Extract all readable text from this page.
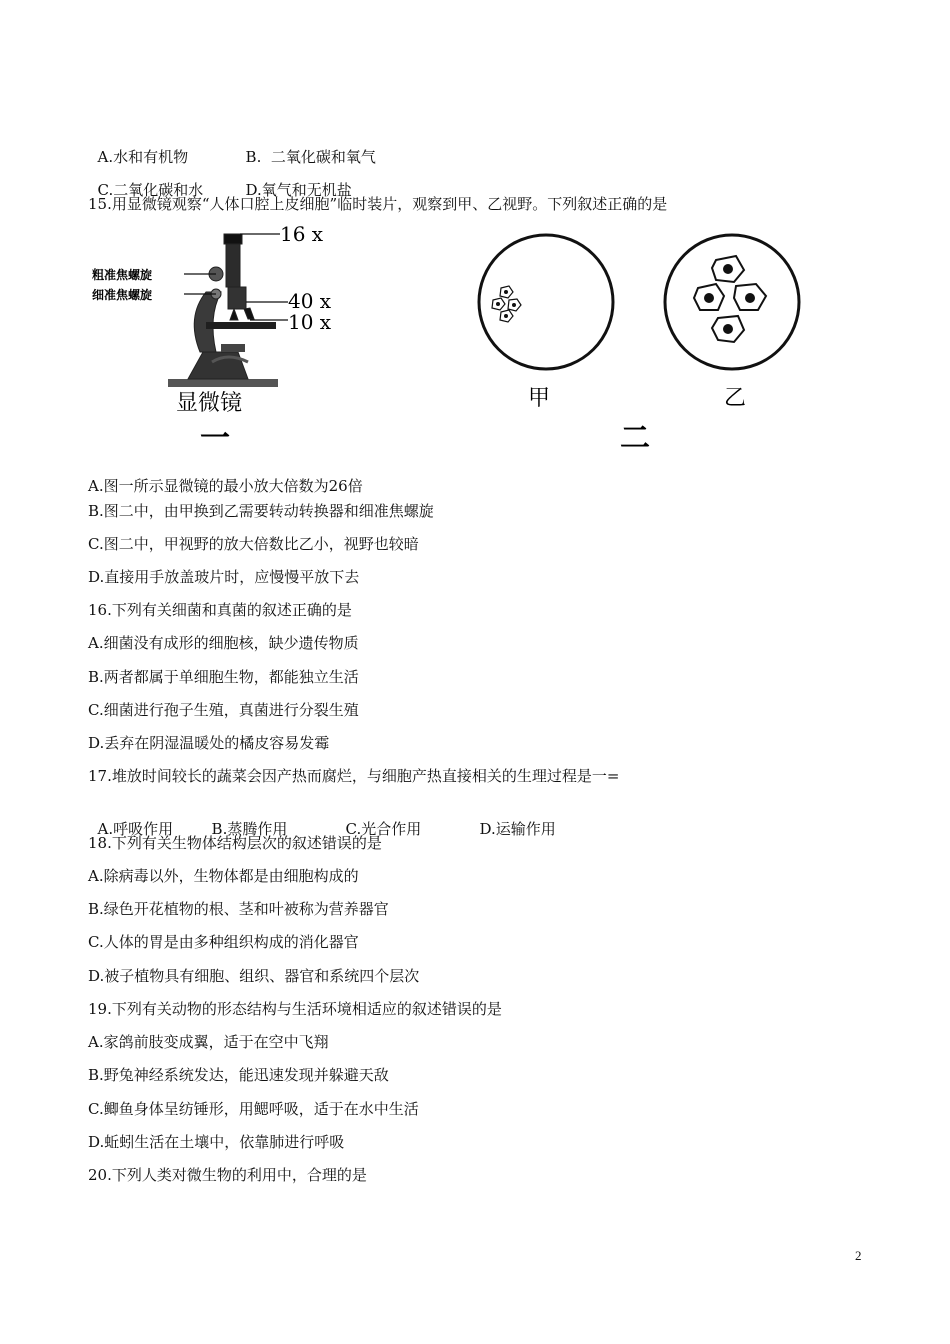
A.水和有机物	B.  二氧化碳和氧气

C.二氧化碳和水	D.氧气和无机盐

15.用显微镜观察“人体口腔上皮细胞”临时装片，观察到甲、乙视野。下列叙述正确的是
16 x
粗准焦螺旋
细准焦螺旋	40 x
10 x
显微镜
一
甲	乙
二
A.图一所示显微镜的最小放大倍数为26倍
B.图二中，由甲换到乙需要转动转换器和细准焦螺旋
C.图二中，甲视野的放大倍数比乙小，视野也较暗
D.直接用手放盖玻片时，应慢慢平放下去
16.下列有关细菌和真菌的叙述正确的是
A.细菌没有成形的细胞核，缺少遗传物质
B.两者都属于单细胞生物，都能独立生活
C.细菌进行孢子生殖，真菌进行分裂生殖
D.丢弃在阴湿温暖处的橘皮容易发霉
17.堆放时间较长的蔬菜会因产热而腐烂，与细胞产热直接相关的生理过程是一=

A.呼吸作用	B.蒸腾作用	C.光合作用	D.运输作用

18.下列有关生物体结构层次的叙述错误的是
A.除病毒以外，生物体都是由细胞构成的
B.绿色开花植物的根、茎和叶被称为营养器官
C.人体的胃是由多种组织构成的消化器官
D.被子植物具有细胞、组织、器官和系统四个层次
19.下列有关动物的形态结构与生活环境相适应的叙述错误的是
A.家鸽前肢变成翼，适于在空中飞翔
B.野兔神经系统发达，能迅速发现并躲避天敌
C.鲫鱼身体呈纺锤形，用鳃呼吸，适于在水中生活
D.蚯蚓生活在土壤中，依靠肺进行呼吸
20.下列人类对微生物的利用中，合理的是
2
